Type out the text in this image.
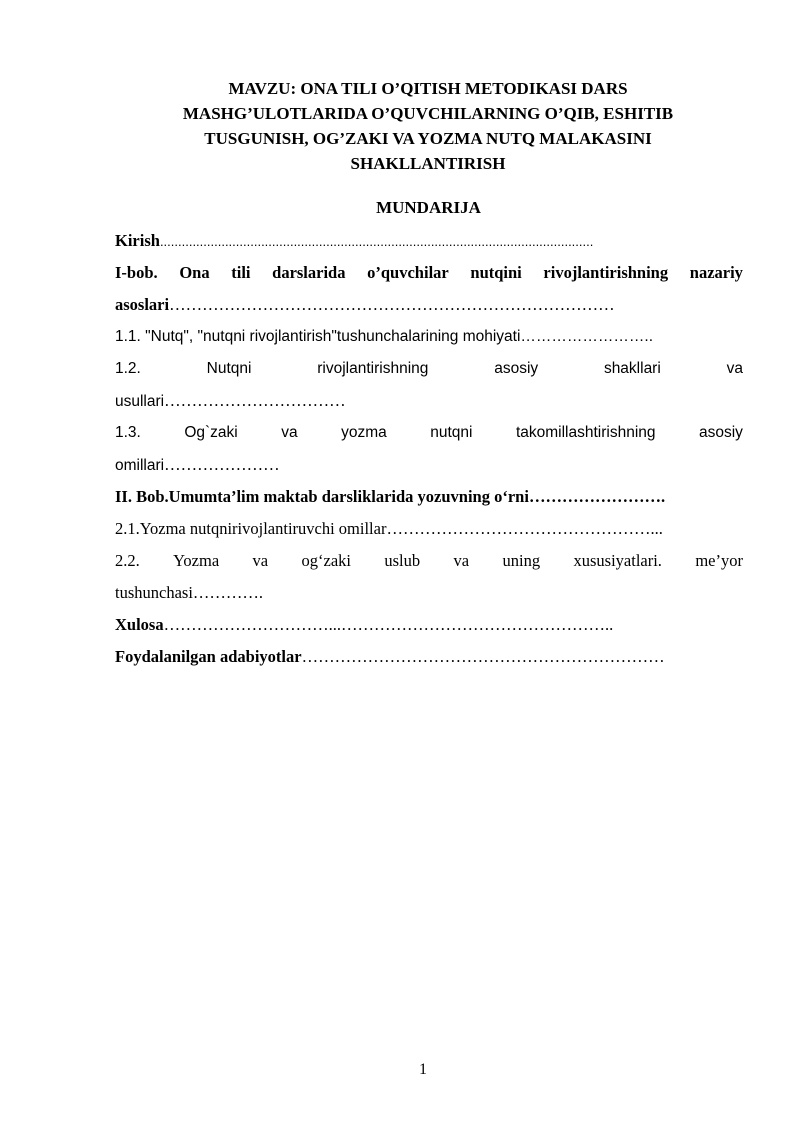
MAVZU: ONA TILI O’QITISH METODIKASI DARS
MASHG’ULOTLARIDA O’QUVCHILARNING O’QIB, ESHITIB
TUSGUNISH, OG’ZAKI VA YOZMA NUTQ MALAKASINI
SHAKLLANTIRISH
MUNDARIJA
Kirish........................................................................................................................
I-bob. Ona tili darslarida o’quvchilar nutqini rivojlantirishning nazariy
asoslari………………………………………………………………………
1.1. "Nutq", "nutqni rivojlantirish"tushunchalarining mohiyati……………………..
1.2.	Nutqni	rivojlantirishning	asosiy	shakllari	va
usullari……………………………
1.3.	Og`zaki	va	yozma	nutqni	takomillashtirishning	asosiy
omillari…………………
II. Bob.Umumta’lim maktab darsliklarida yozuvning o‘rni…………………….
2.1.Yozma nutqnirivojlantiruvchi omillar…………………………………………...
2.2. Yozma va og‘zaki uslub va uning xususiyatlari. me’yor
tushunchasi………….
Xulosa…………………………...…………………………………………..
Foydalanilgan adabiyotlar…………………………………………………………
1
